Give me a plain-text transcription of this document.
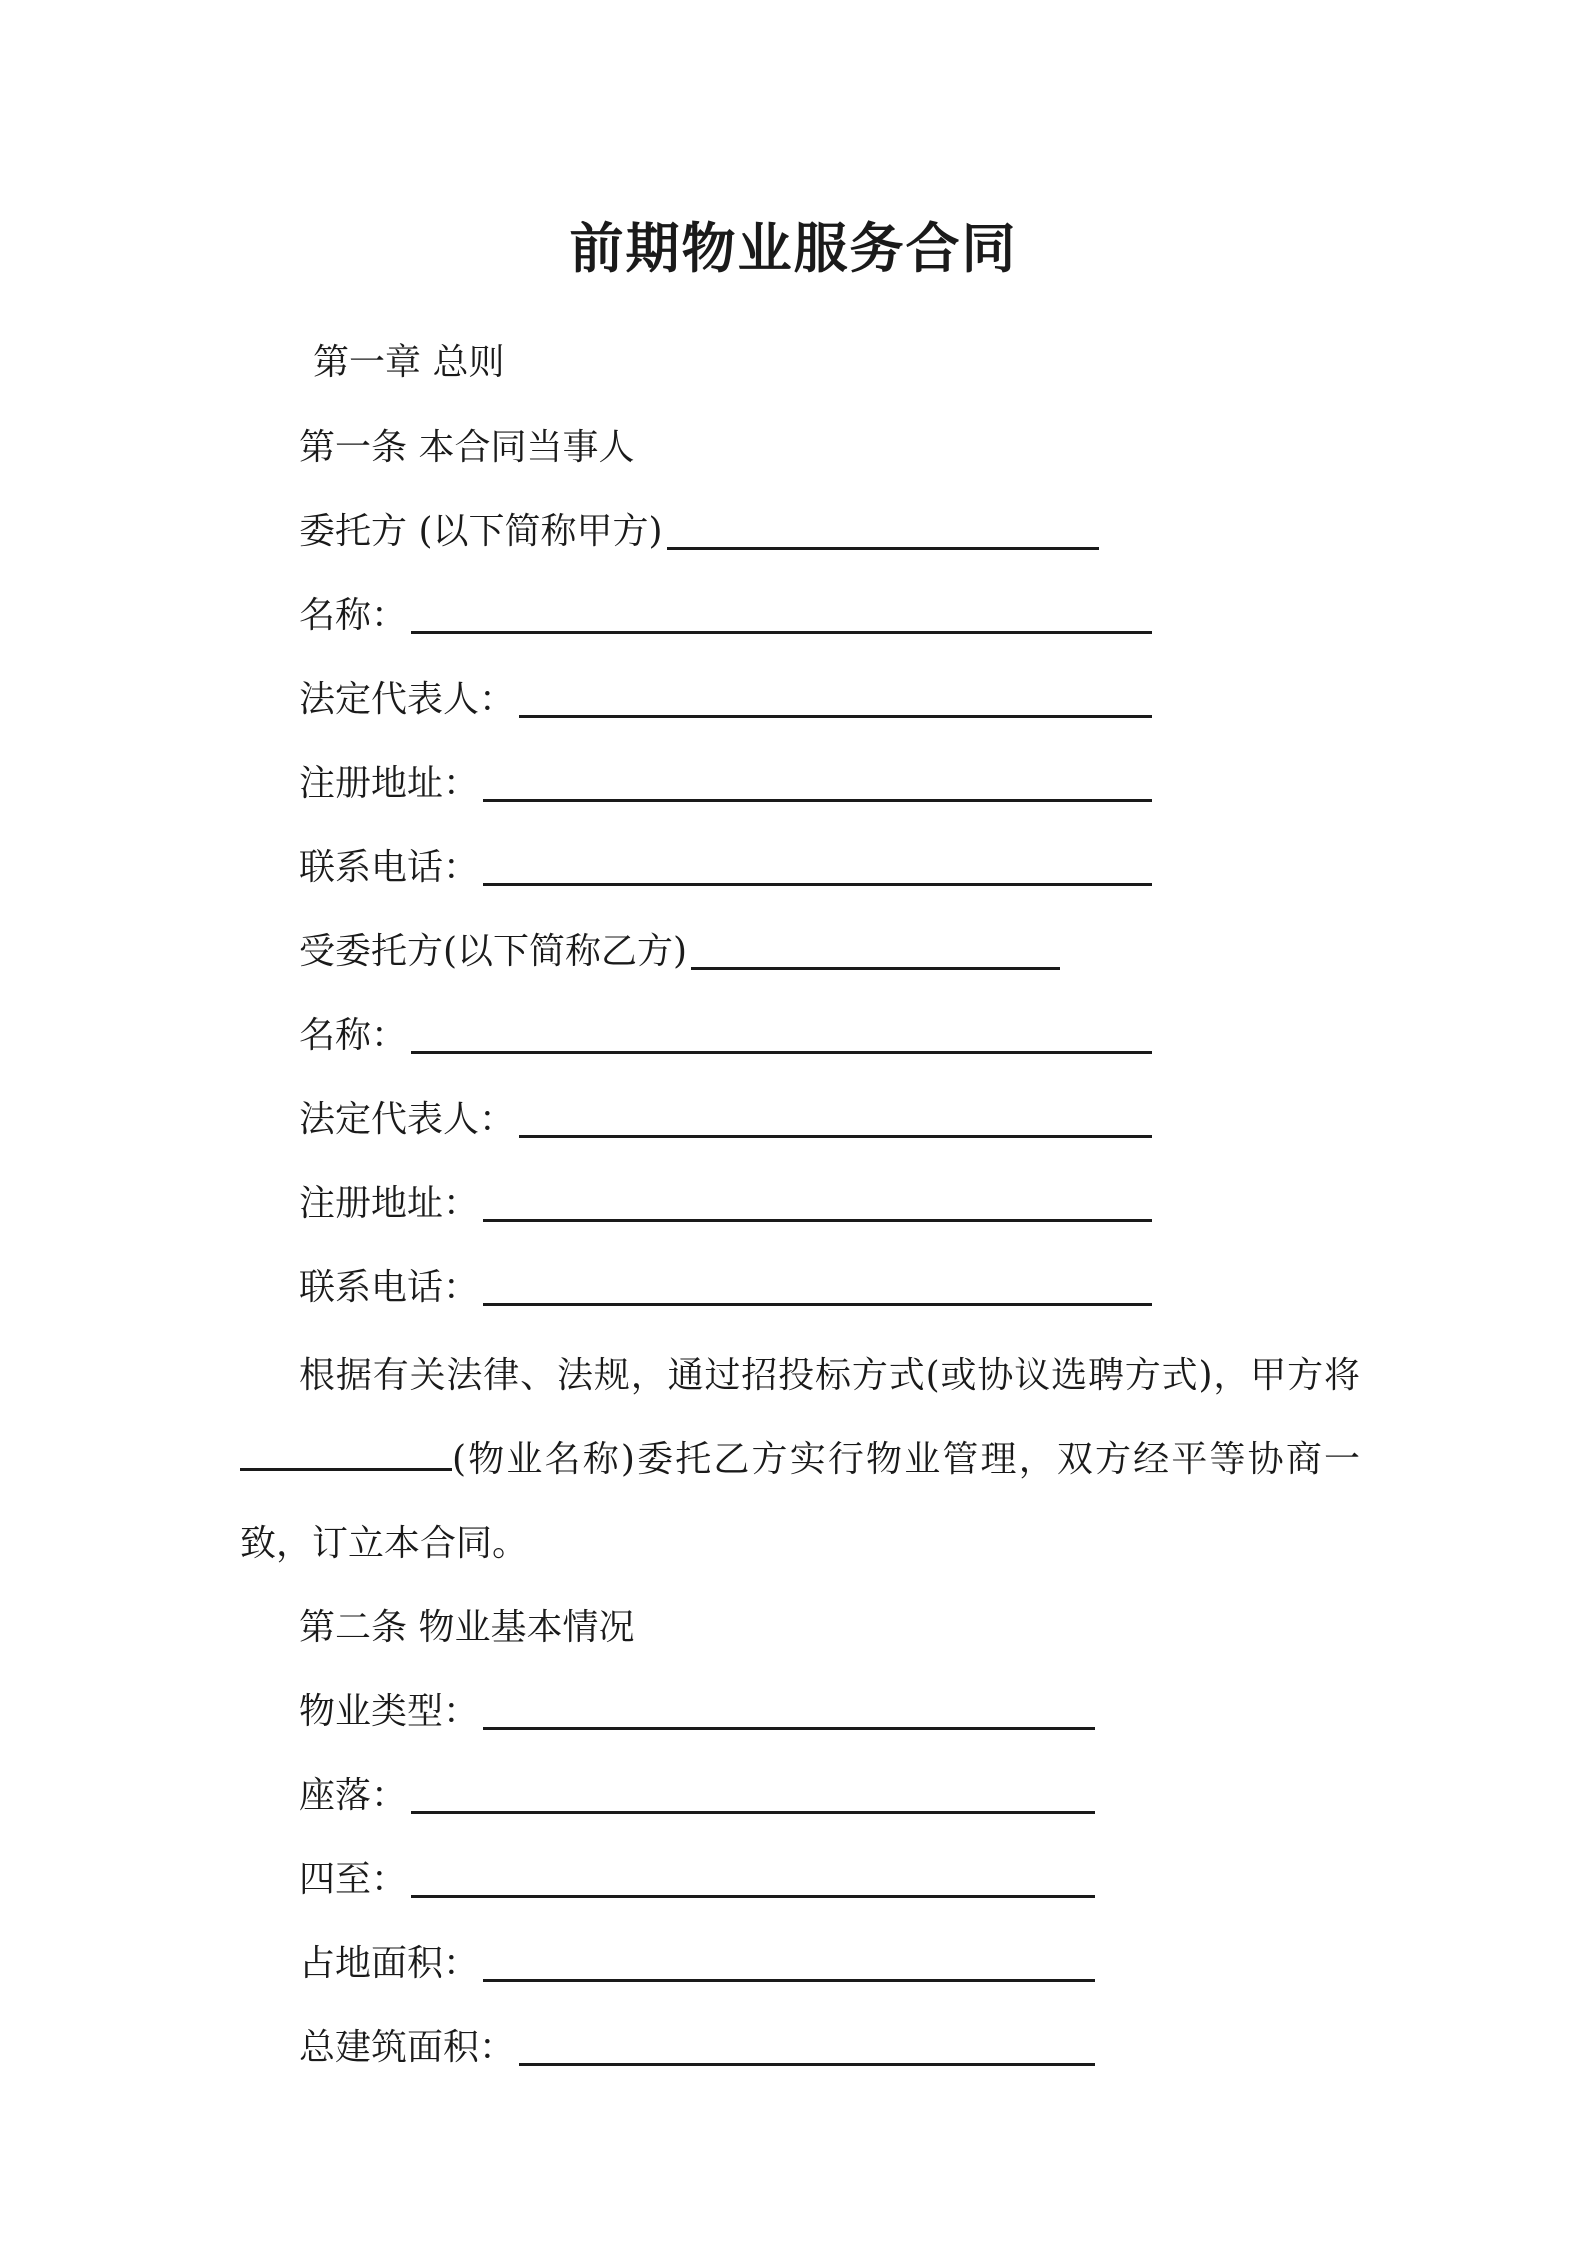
前期物业服务合同
第一章 总则
第一条 本合同当事人
委托方 (以下简称甲方)
名称：
法定代表人：
注册地址：
联系电话：
受委托方(以下简称乙方)
名称：
法定代表人：
注册地址：
联系电话：
根据有关法律、法规，通过招投标方式(或协议选聘方式)，甲方将(物业名称)委托乙方实行物业管理，双方经平等协商一致，订立本合同。
第二条 物业基本情况
物业类型：
座落：
四至：
占地面积：
总建筑面积：
